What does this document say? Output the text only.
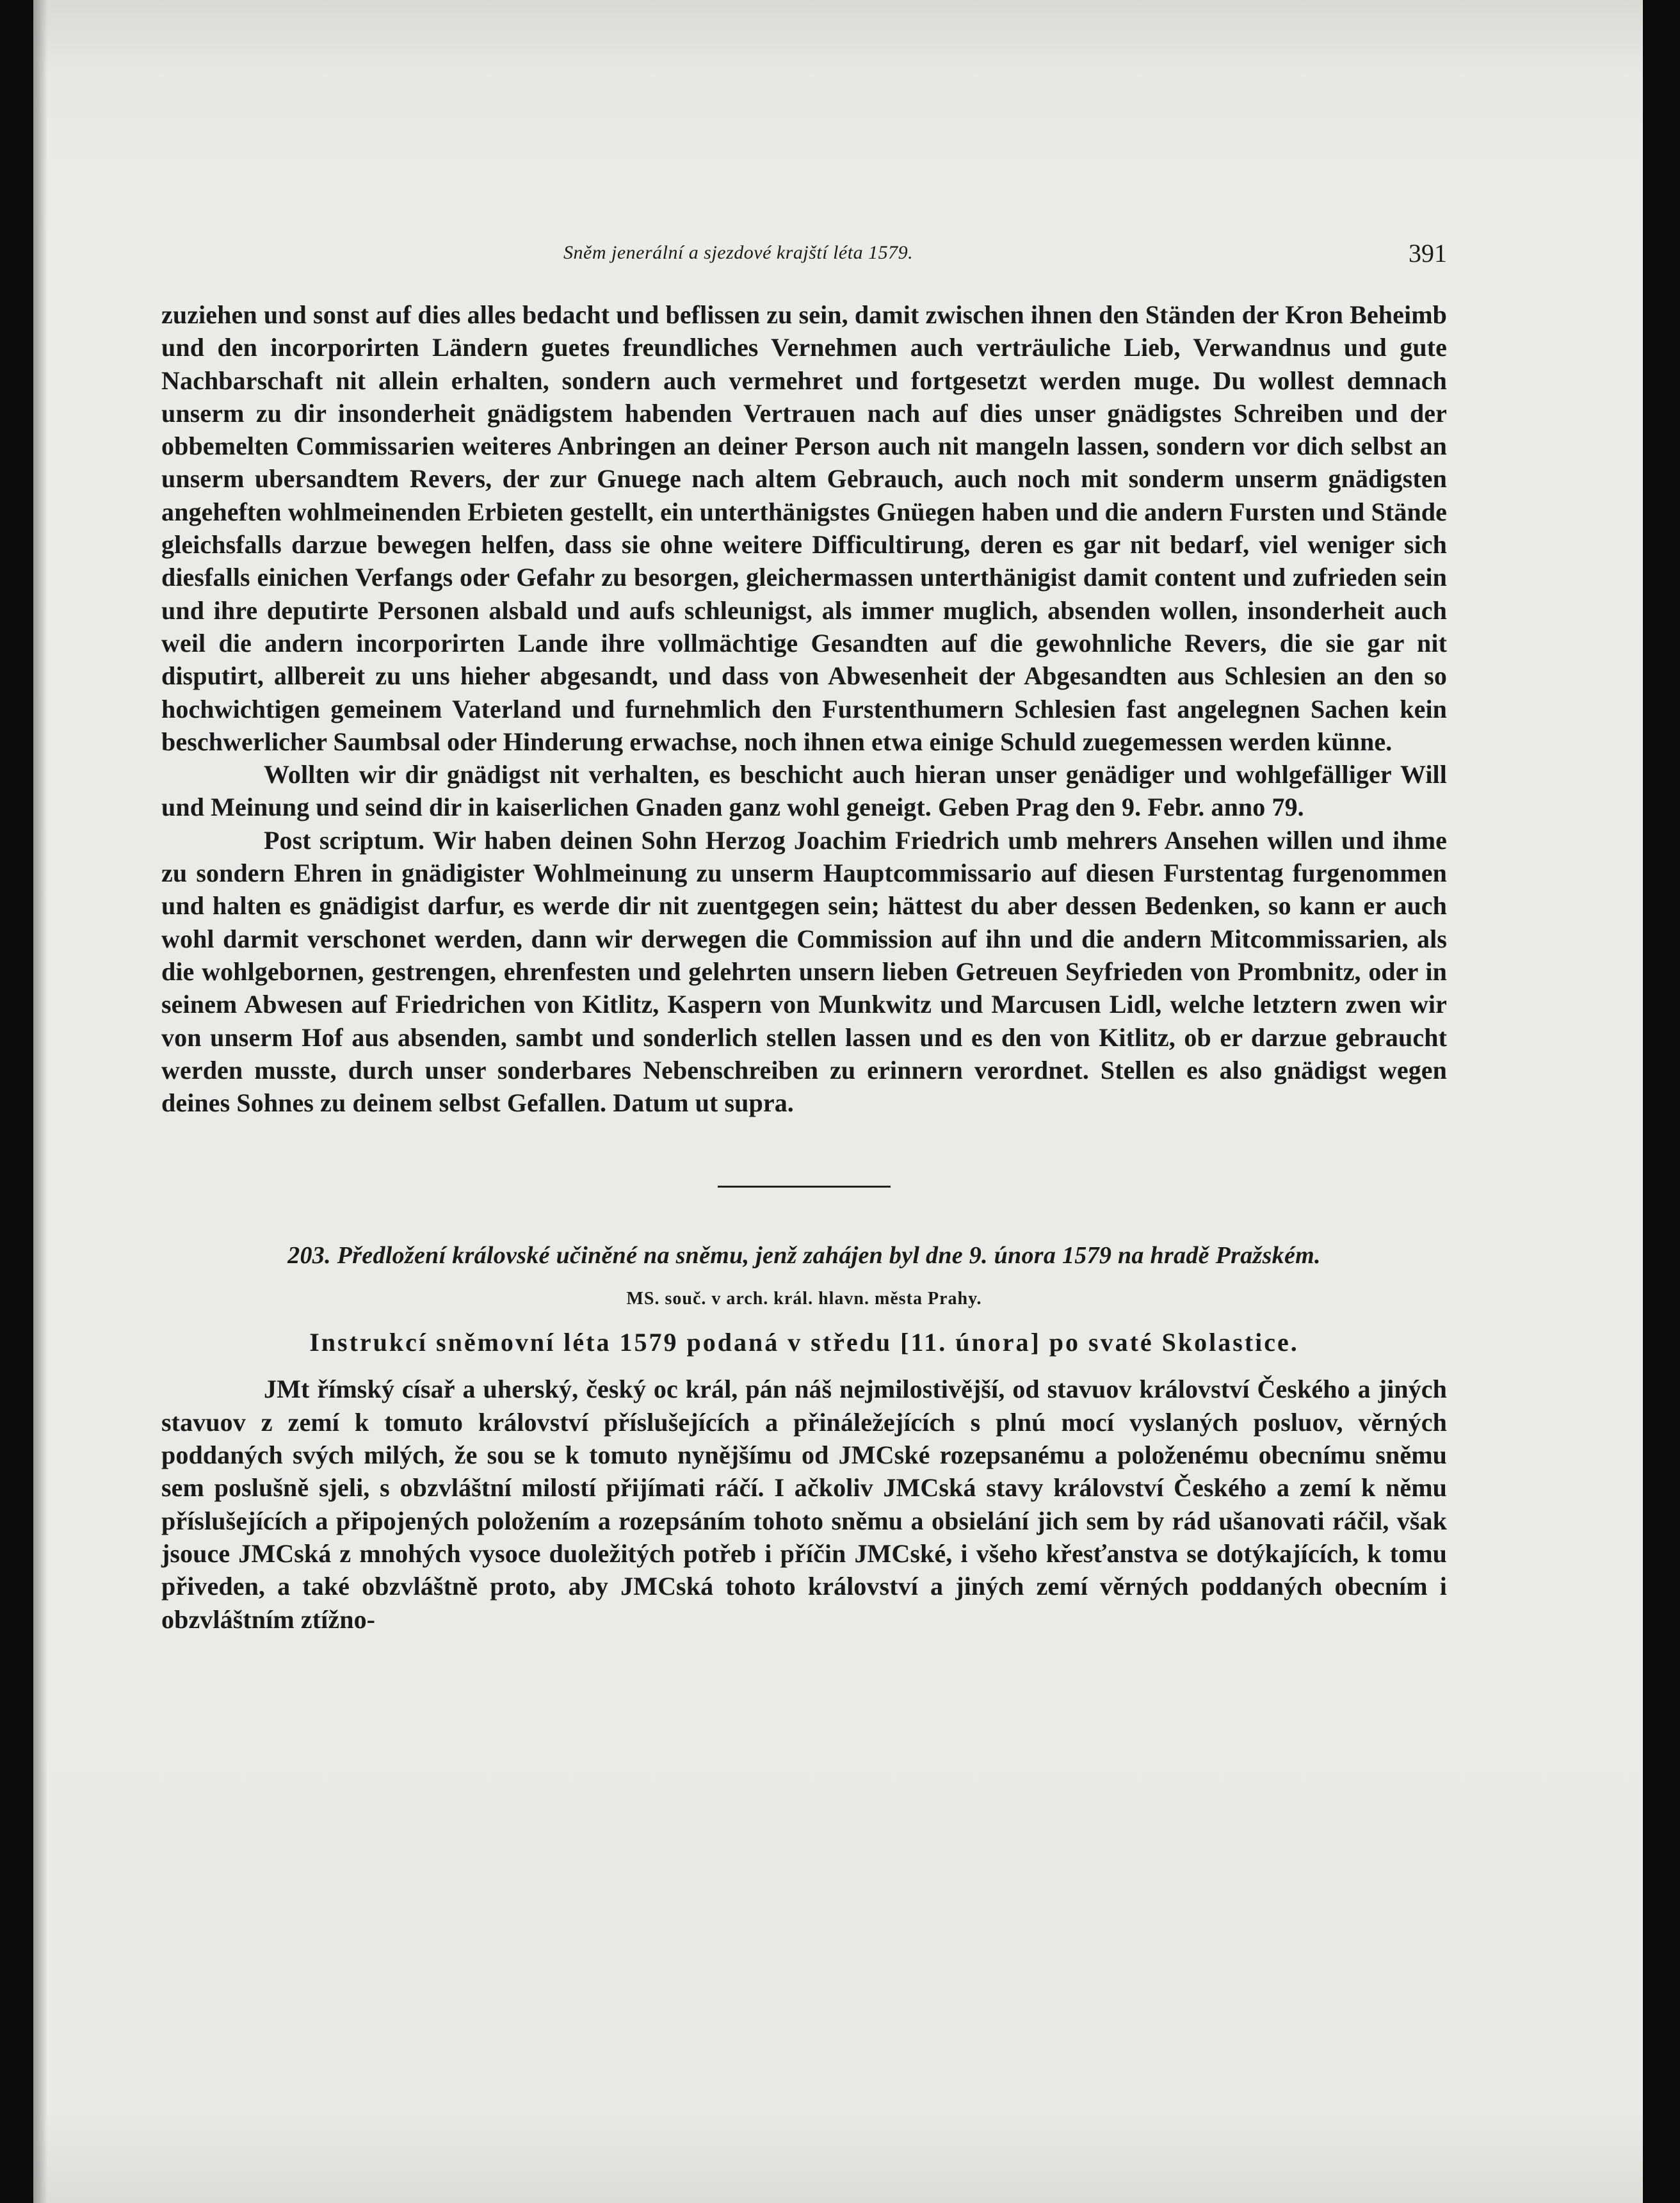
Sněm jenerální a sjezdové krajští léta 1579.	391

zuziehen und sonst auf dies alles bedacht und beflissen zu sein, damit zwischen ihnen den Ständen der Kron Beheimb und den incorporirten Ländern guetes freundliches Vernehmen auch verträuliche Lieb, Verwandnus und gute Nachbarschaft nit allein erhalten, sondern auch vermehret und fortgesetzt werden muge. Du wollest demnach unserm zu dir insonderheit gnädigstem habenden Vertrauen nach auf dies unser gnädigstes Schreiben und der obbemelten Commissarien weiteres Anbringen an deiner Person auch nit mangeln lassen, sondern vor dich selbst an unserm ubersandtem Revers, der zur Gnuege nach altem Gebrauch, auch noch mit sonderm unserm gnädigsten angeheften wohlmeinenden Erbieten gestellt, ein unterthänigstes Gnüegen haben und die andern Fursten und Stände gleichsfalls darzue bewegen helfen, dass sie ohne weitere Difficultirung, deren es gar nit bedarf, viel weniger sich diesfalls einichen Verfangs oder Gefahr zu besorgen, gleichermassen unterthänigist damit content und zufrieden sein und ihre deputirte Personen alsbald und aufs schleunigst, als immer muglich, absenden wollen, insonderheit auch weil die andern incorporirten Lande ihre vollmächtige Gesandten auf die gewohnliche Revers, die sie gar nit disputirt, allbereit zu uns hieher abgesandt, und dass von Abwesenheit der Abgesandten aus Schlesien an den so hochwichtigen gemeinem Vaterland und furnehmlich den Furstenthumern Schlesien fast angelegnen Sachen kein beschwerlicher Saumbsal oder Hinderung erwachse, noch ihnen etwa einige Schuld zuegemessen werden künne.

Wollten wir dir gnädigst nit verhalten, es beschicht auch hieran unser genädiger und wohlgefälliger Will und Meinung und seind dir in kaiserlichen Gnaden ganz wohl geneigt. Geben Prag den 9. Febr. anno 79.

Post scriptum. Wir haben deinen Sohn Herzog Joachim Friedrich umb mehrers Ansehen willen und ihme zu sondern Ehren in gnädigister Wohlmeinung zu unserm Hauptcommissario auf diesen Furstentag furgenommen und halten es gnädigist darfur, es werde dir nit zuentgegen sein; hättest du aber dessen Bedenken, so kann er auch wohl darmit verschonet werden, dann wir derwegen die Commission auf ihn und die andern Mitcommissarien, als die wohlgebornen, gestrengen, ehrenfesten und gelehrten unsern lieben Getreuen Seyfrieden von Prombnitz, oder in seinem Abwesen auf Friedrichen von Kitlitz, Kaspern von Munkwitz und Marcusen Lidl, welche letztern zwen wir von unserm Hof aus absenden, sambt und sonderlich stellen lassen und es den von Kitlitz, ob er darzue gebraucht werden musste, durch unser sonderbares Nebenschreiben zu erinnern verordnet. Stellen es also gnädigst wegen deines Sohnes zu deinem selbst Gefallen. Datum ut supra.

203. Předložení královské učiněné na sněmu, jenž zahájen byl dne 9. února 1579 na hradě Pražském.
MS. souč. v arch. král. hlavn. města Prahy.
Instrukcí sněmovní léta 1579 podaná v středu [11. února] po svaté Skolastice.

JMt římský císař a uherský, český oc král, pán náš nejmilostivější, od stavuov království Českého a jiných stavuov z zemí k tomuto království příslušejících a přináležejících s plnú mocí vyslaných posluov, věrných poddaných svých milých, že sou se k tomuto nynějšímu od JMCské rozepsanému a položenému obecnímu sněmu sem poslušně sjeli, s obzvláštní milostí přijímati ráčí. I ačkoliv JMCská stavy království Českého a zemí k němu příslušejících a připojených položením a rozepsáním tohoto sněmu a obsielání jich sem by rád ušanovati ráčil, však jsouce JMCská z mnohých vysoce duoležitých potřeb i příčin JMCské, i všeho křesťanstva se dotýkajících, k tomu přiveden, a také obzvláštně proto, aby JMCská tohoto království a jiných zemí věrných poddaných obecním i obzvláštním ztížno-
